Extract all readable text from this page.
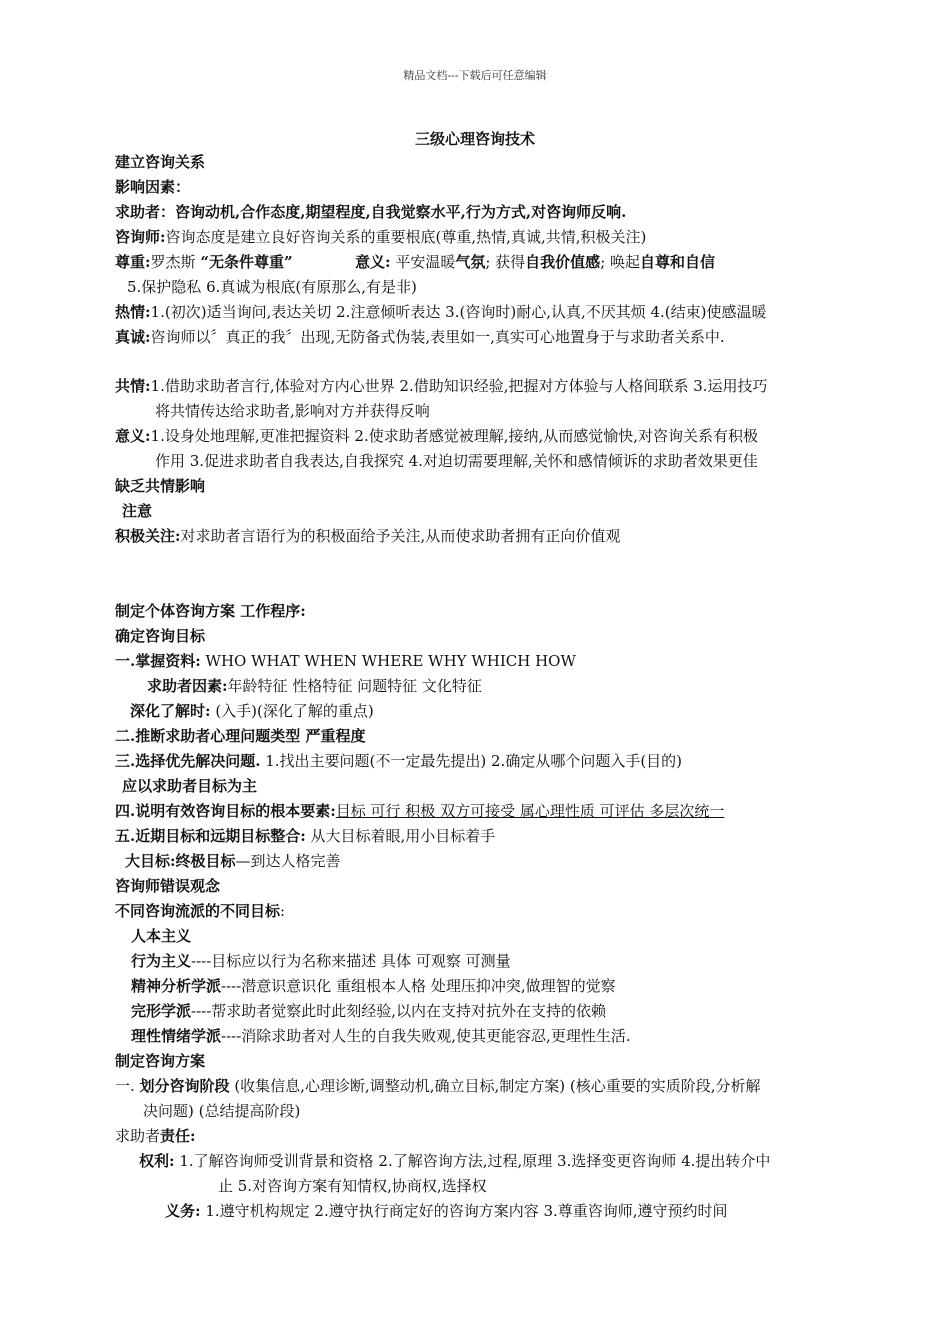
精品文档---下载后可任意编辑
三级心理咨询技术
建立咨询关系
影响因素：
求助者：咨询动机,合作态度,期望程度,自我觉察水平,行为方式,对咨询师反响.
咨询师:咨询态度是建立良好咨询关系的重要根底(尊重,热情,真诚,共情,积极关注)
尊重:罗杰斯 “无条件尊重”	意义: 平安温暖气氛; 获得自我价值感; 唤起自尊和自信
5.保护隐私 6.真诚为根底(有原那么,有是非)
热情:1.(初次)适当询问,表达关切 2.注意倾听表达 3.(咨询时)耐心,认真,不厌其烦 4.(结束)使感温暖
真诚:咨询师以〞真正的我〞出现,无防备式伪装,表里如一,真实可心地置身于与求助者关系中.
共情:1.借助求助者言行,体验对方内心世界 2.借助知识经验,把握对方体验与人格间联系 3.运用技巧
将共情传达给求助者,影响对方并获得反响
意义:1.设身处地理解,更准把握资料 2.使求助者感觉被理解,接纳,从而感觉愉快,对咨询关系有积极
作用 3.促进求助者自我表达,自我探究 4.对迫切需要理解,关怀和感情倾诉的求助者效果更佳
缺乏共情影响
注意
积极关注:对求助者言语行为的积极面给予关注,从而使求助者拥有正向价值观
制定个体咨询方案 工作程序:
确定咨询目标
一.掌握资料: WHO WHAT WHEN WHERE WHY WHICH HOW
求助者因素:年龄特征 性格特征 问题特征 文化特征
深化了解时: (入手)(深化了解的重点)
二.推断求助者心理问题类型 严重程度
三.选择优先解决问题. 1.找出主要问题(不一定最先提出) 2.确定从哪个问题入手(目的)
应以求助者目标为主
四.说明有效咨询目标的根本要素:目标 可行 积极 双方可接受 属心理性质 可评估 多层次统一
五.近期目标和远期目标整合: 从大目标着眼,用小目标着手
大目标:终极目标—到达人格完善
咨询师错误观念
不同咨询流派的不同目标:
人本主义
行为主义----目标应以行为名称来描述 具体 可观察 可测量
精神分析学派----潜意识意识化 重组根本人格 处理压抑冲突,做理智的觉察
完形学派----帮求助者觉察此时此刻经验,以内在支持对抗外在支持的依赖
理性情绪学派----消除求助者对人生的自我失败观,使其更能容忍,更理性生活.
制定咨询方案
一. 划分咨询阶段 (收集信息,心理诊断,调整动机,确立目标,制定方案) (核心重要的实质阶段,分析解
决问题) (总结提高阶段)
求助者责任:
权利: 1.了解咨询师受训背景和资格 2.了解咨询方法,过程,原理 3.选择变更咨询师 4.提出转介中
止 5.对咨询方案有知情权,协商权,选择权
义务: 1.遵守机构规定 2.遵守执行商定好的咨询方案内容 3.尊重咨询师,遵守预约时间
